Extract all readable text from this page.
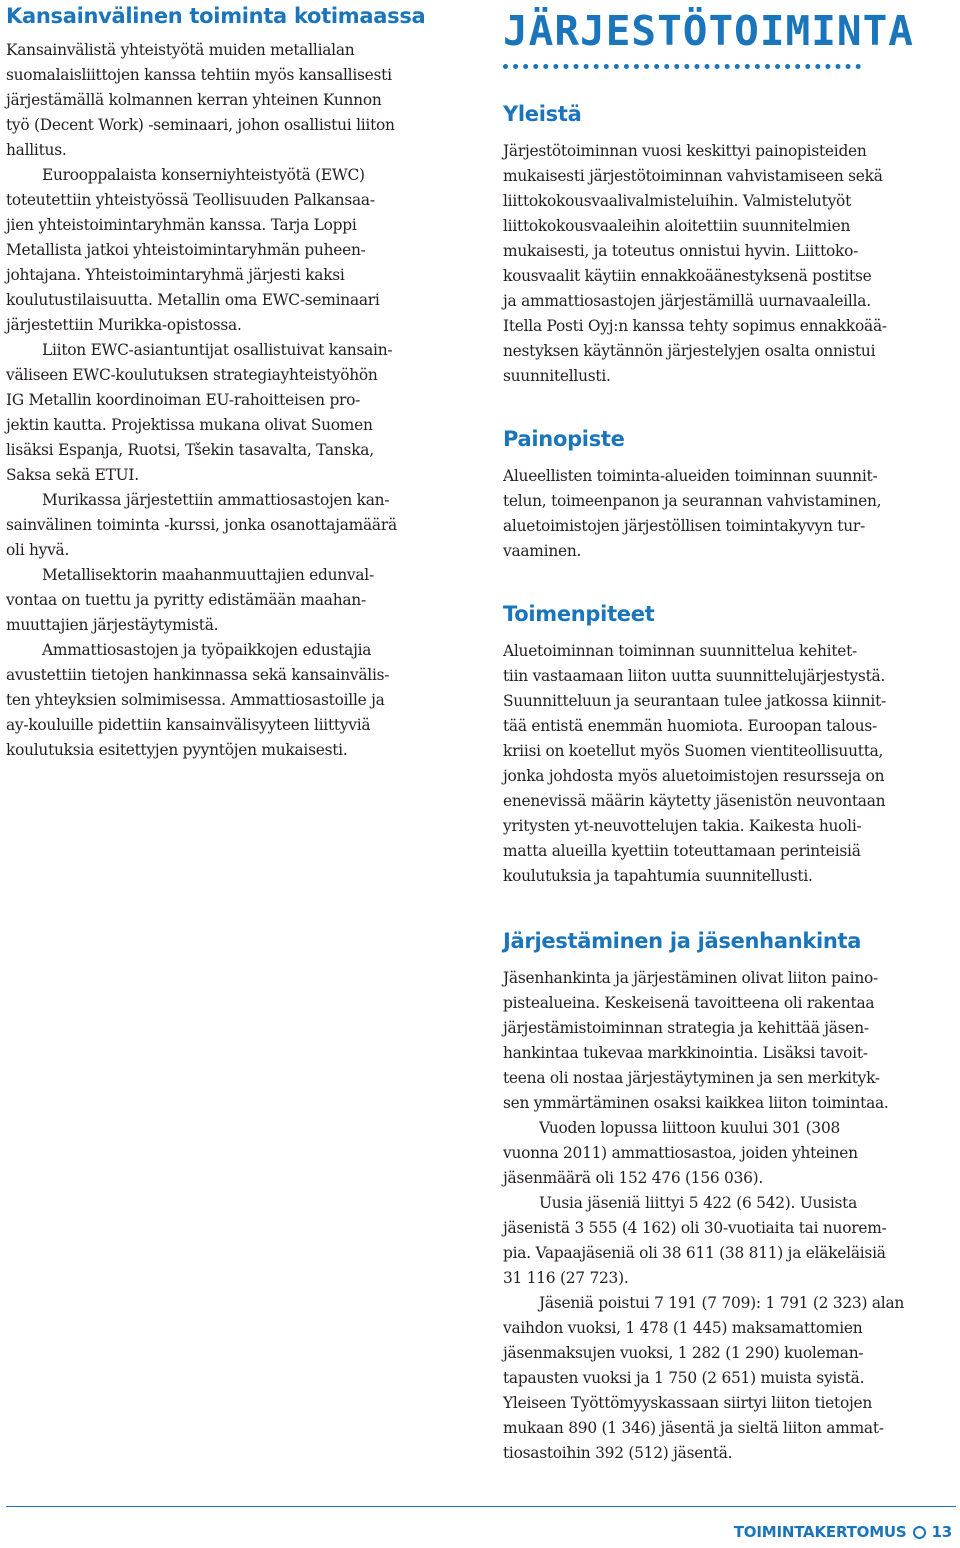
Kansainvälinen toiminta kotimaassa

Kansainvälistä yhteistyötä muiden metallialan
suomalaisliittojen kanssa tehtiin myös kansallisesti
järjestämällä kolmannen kerran yhteinen Kunnon
työ (Decent Work) -seminaari, johon osallistui liiton
hallitus.

Eurooppalaista konserniyhteistyötä (EWC)
toteutettiin yhteistyössä Teollisuuden Palkansaa-
jien yhteistoimintaryhmän kanssa. Tarja Loppi
Metallista jatkoi yhteistoimintaryhmän puheen-
johtajana. Yhteistoimintaryhmä järjesti kaksi
koulutustilaisuutta. Metallin oma EWC-seminaari
järjestettiin Murikka-opistossa.

Liiton EWC-asiantuntijat osallistuivat kansain-
väliseen EWC-koulutuksen strategiayhteistyöhön
IG Metallin koordinoiman EU-rahoitteisen pro-
jektin kautta. Projektissa mukana olivat Suomen
lisäksi Espanja, Ruotsi, Tšekin tasavalta, Tanska,
Saksa sekä ETUI.

Murikassa järjestettiin ammattiosastojen kan-
sainvälinen toiminta -kurssi, jonka osanottajamäärä
oli hyvä.

Metallisektorin maahanmuuttajien edunval-
vontaa on tuettu ja pyritty edistämään maahan-
muuttajien järjestäytymistä.

Ammattiosastojen ja työpaikkojen edustajia
avustettiin tietojen hankinnassa sekä kansainvälis-
ten yhteyksien solmimisessa. Ammattiosastoille ja
ay-kouluille pidettiin kansainvälisyyteen liittyviä
koulutuksia esitettyjen pyyntöjen mukaisesti.

JÄRJESTÖTOIMINTA
Yleistä

Järjestötoiminnan vuosi keskittyi painopisteiden
mukaisesti järjestötoiminnan vahvistamiseen sekä
liittokokousvaalivalmisteluihin. Valmistelutyöt
liittokokousvaaleihin aloitettiin suunnitelmien
mukaisesti, ja toteutus onnistui hyvin. Liittoko-
kousvaalit käytiin ennakkoäänestyksenä postitse
ja ammattiosastojen järjestämillä uurnavaaleilla.
Itella Posti Oyj:n kanssa tehty sopimus ennakkoää-
nestyksen käytännön järjestelyjen osalta onnistui
suunnitellusti.

Painopiste

Alueellisten toiminta-alueiden toiminnan suunnit-
telun, toimeenpanon ja seurannan vahvistaminen,
aluetoimistojen järjestöllisen toimintakyvyn tur-
vaaminen.

Toimenpiteet

Aluetoiminnan toiminnan suunnittelua kehitet-
tiin vastaamaan liiton uutta suunnittelujärjestystä.
Suunnitteluun ja seurantaan tulee jatkossa kiinnit-
tää entistä enemmän huomiota. Euroopan talous-
kriisi on koetellut myös Suomen vientiteollisuutta,
jonka johdosta myös aluetoimistojen resursseja on
enenevissä määrin käytetty jäsenistön neuvontaan
yritysten yt-neuvottelujen takia. Kaikesta huoli-
matta alueilla kyettiin toteuttamaan perinteisiä
koulutuksia ja tapahtumia suunnitellusti.

Järjestäminen ja jäsenhankinta

Jäsenhankinta ja järjestäminen olivat liiton paino-
pistealueina. Keskeisenä tavoitteena oli rakentaa
järjestämistoiminnan strategia ja kehittää jäsen-
hankintaa tukevaa markkinointia. Lisäksi tavoit-
teena oli nostaa järjestäytyminen ja sen merkityk-
sen ymmärtäminen osaksi kaikkea liiton toimintaa.

Vuoden lopussa liittoon kuului 301 (308
vuonna 2011) ammattiosastoa, joiden yhteinen
jäsenmäärä oli 152 476 (156 036).

Uusia jäseniä liittyi 5 422 (6 542). Uusista
jäsenistä 3 555 (4 162) oli 30-vuotiaita tai nuorem-
pia. Vapaajäseniä oli 38 611 (38 811) ja eläkeläisiä
31 116 (27 723).

Jäseniä poistui 7 191 (7 709): 1 791 (2 323) alan
vaihdon vuoksi, 1 478 (1 445) maksamattomien
jäsenmaksujen vuoksi, 1 282 (1 290) kuoleman-
tapausten vuoksi ja 1 750 (2 651) muista syistä.
Yleiseen Työttömyyskassaan siirtyi liiton tietojen
mukaan 890 (1 346) jäsentä ja sieltä liiton ammat-
tiosastoihin 392 (512) jäsentä.

TOIMINTAKERTOMUS 13
